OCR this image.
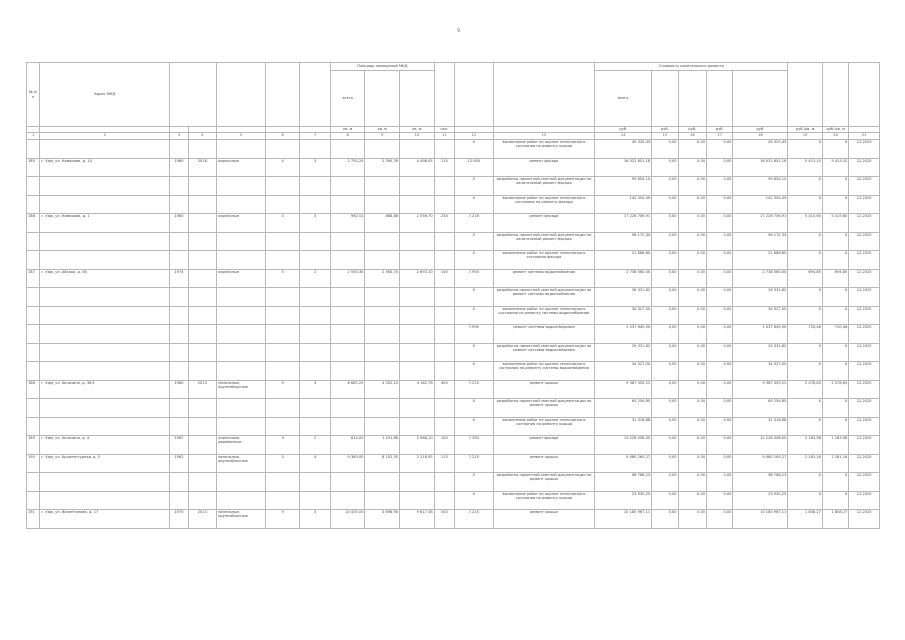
9
№ п/п	Адрес МКД						Площадь помещений МКД						Стоимость капитального ремонта							
							всего						всего							
							кв. м	кв. м	кв. м	чел.			руб.	руб.	руб.	руб.	руб.	руб./кв. м	руб./кв. м	
1	2	3	4	5	6	7	8	9	10	11	12	13	14	15	16	17	18	19	20	21
											X	выполнение работ по оценке технического состояния по ремонту крыши	45 325,43	0,00	0,00	0,00	45 325,43	X	X	12.2023
185	г. Уфа, ул. Комарова, д. 14	1960	2018	кирпичные	4	3	2 750,25	2 390,39	4 498,45	115	12.950	ремонт фасада	16 522 851,18	0,00	0,00	0,00	16 522 851,18	5 413,10	5 413,10	12.2025
											X	разработка проектной сметной документации на капитальный ремонт фасада	99 654,10	0,00	0,00	0,00	99 654,10	X	X	12.2025
											X	выполнение работ по оценке технического состояния по ремонту фасада	142 354,49	0,00	0,00	0,00	142 354,49	X	X	12.2025
186	г. Уфа, ул. Комарова, д. 1	1960		кирпичные	4	3	962,52	868,88	2 556,70	234	7.216	ремонт фасада	17 226 706,91	0,00	0,00	0,00	17 226 706,91	5 415,60	5 415,60	12.2025
											X	разработка проектной сметной документации на капитальный ремонт фасада	98 172,34	0,00	0,00	0,00	98 172,34	X	X	12.2025
											X	выполнение работ по оценке технического состояния фасада	21 686,80	0,00	0,00	0,00	21 686,80	X	X	12.2025
187	г. Уфа, ул. Айская, д. 56	1974		кирпичные	5	2	2 550,30	2 563,70	2 693,10	140	7.950	ремонт системы водоснабжения	2 738 560,00	0,00	0,00	0,00	2 738 560,00	694,85	694,85	12.2025
											X	разработка проектной сметной документации на ремонт системы водоснабжения	26 331,82	0,00	0,00	0,00	26 331,82	X	X	12.2025
											X	выполнение работ по оценке технического состояния по ремонту системы водоснабжения	34 327,00	0,00	0,00	0,00	34 327,00	X	X	12.2025
											7.990	ремонт системы водоотведения	1 037 645,00	0,00	0,00	0,00	1 037 645,00	720,46	720,46	12.2025
											X	разработка проектной сметной документации на ремонт системы водоотведения	29 331,82	0,00	0,00	0,00	29 331,82	X	X	12.2025
											X	выполнение работ по оценке технического состояния по ремонту системы водоотведения	34 327,00	0,00	0,00	0,00	34 327,00	X	X	12.2025
188	г. Уфа, ул. Акназина, д. 36/1	1980	2013	панельные, крупноблочные	9	3	6 665,25	4 202,10	4 162,76	450	7.215	ремонт крыши	9 367 355,22	0,00	0,00	0,00	9 367 355,22	2 078,63	2 078,63	12.2025
											X	разработка проектной сметной документации на ремонт крыши	65 254,85	0,00	0,00	0,00	65 254,85	X	X	12.2025
											X	выполнение работ по оценке технического состояния по ремонту крыши	31 316,88	0,00	0,00	0,00	31 316,88	X	X	12.2025
189	г. Уфа, ул. Акназина, д. 4	1962		кирпичные, деревянные	3	2	814,00	1 191,88	2 988,10	100	7.350	ремонт фасада	12 226 008,00	0,00	0,00	0,00	12 226 008,00	2 183,98	2 183,98	12.2025
190	г. Уфа, ул. Архитектурная, д. 5	1962		панельные, крупноблочные	5	4	9 365,00	8 102,35	2 118,95	113	7.215	ремонт крыши	9 080 265,27	0,00	0,00	0,00	9 080 265,27	2 181,16	2 181,16	12.2025
											X	разработка проектной сметной документации на ремонт крыши	98 786,23	0,00	0,00	0,00	98 786,23	X	X	12.2025
											X	выполнение работ по оценке технического состояния по ремонту крыши	23 930,25	0,00	0,00	0,00	23 930,25	X	X	12.2025
191	г. Уфа, ул. Валентинова, д. 17	1970	2013	панельные, крупноблочные	9	3	10 455,00	4 698,90	9 617,38	543	7.215	ремонт крыши	10 185 967,11	0,00	0,00	0,00	10 185 967,11	1 858,27	1 858,27	12.2025
